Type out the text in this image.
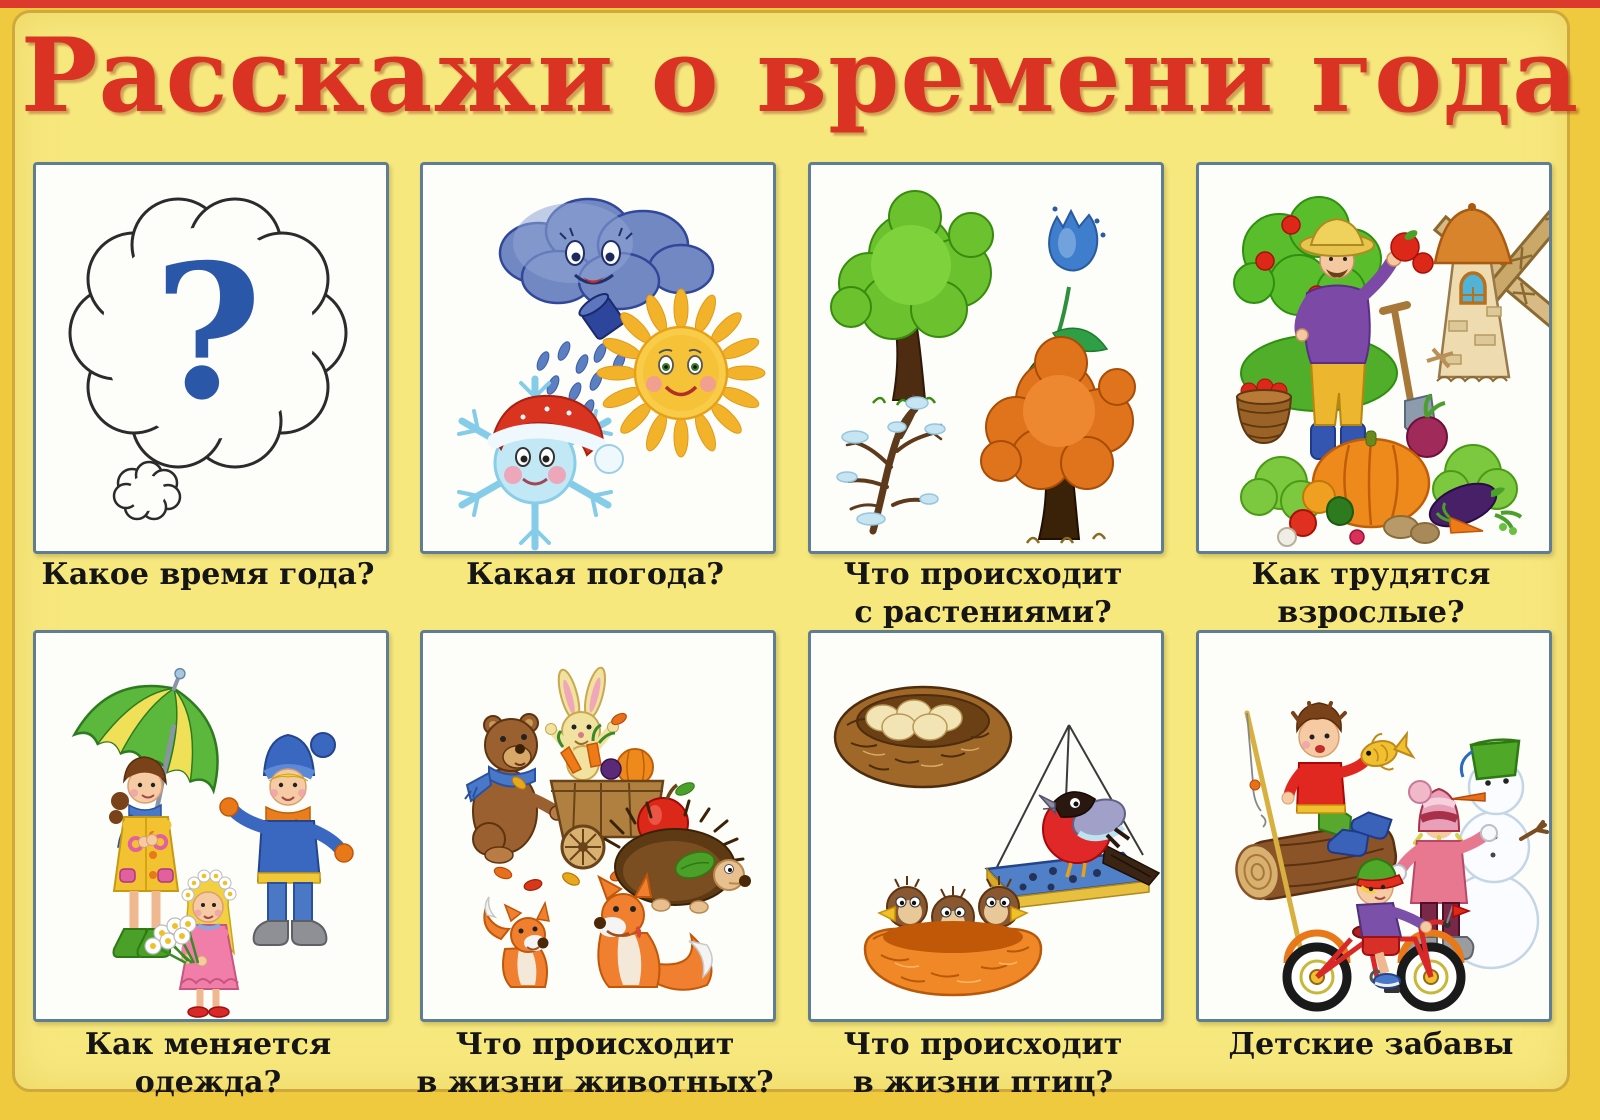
Расскажи о времени года
?
Какое время года?	Какая погода?	Что происходит
с растениями?
Как трудятся
взрослые?
Как меняется одежда?
Что происходит
в жизни животных?
Что происходит
в жизни птиц?
Детские забавы
